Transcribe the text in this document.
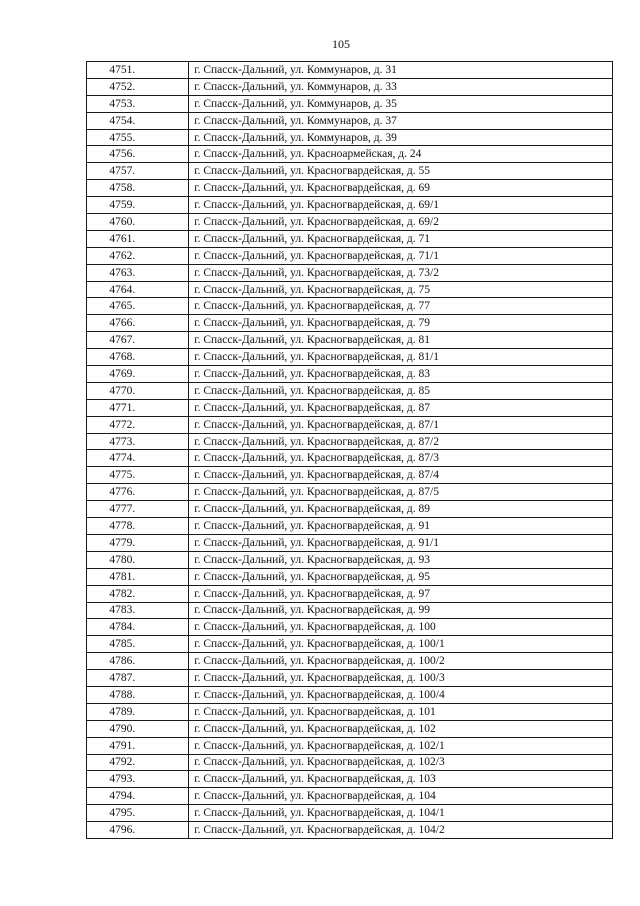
105
4751.	г. Спасск-Дальний, ул. Коммунаров, д. 31
4752.	г. Спасск-Дальний, ул. Коммунаров, д. 33
4753.	г. Спасск-Дальний, ул. Коммунаров, д. 35
4754.	г. Спасск-Дальний, ул. Коммунаров, д. 37
4755.	г. Спасск-Дальний, ул. Коммунаров, д. 39
4756.	г. Спасск-Дальний, ул. Красноармейская, д. 24
4757.	г. Спасск-Дальний, ул. Красногвардейская, д. 55
4758.	г. Спасск-Дальний, ул. Красногвардейская, д. 69
4759.	г. Спасск-Дальний, ул. Красногвардейская, д. 69/1
4760.	г. Спасск-Дальний, ул. Красногвардейская, д. 69/2
4761.	г. Спасск-Дальний, ул. Красногвардейская, д. 71
4762.	г. Спасск-Дальний, ул. Красногвардейская, д. 71/1
4763.	г. Спасск-Дальний, ул. Красногвардейская, д. 73/2
4764.	г. Спасск-Дальний, ул. Красногвардейская, д. 75
4765.	г. Спасск-Дальний, ул. Красногвардейская, д. 77
4766.	г. Спасск-Дальний, ул. Красногвардейская, д. 79
4767.	г. Спасск-Дальний, ул. Красногвардейская, д. 81
4768.	г. Спасск-Дальний, ул. Красногвардейская, д. 81/1
4769.	г. Спасск-Дальний, ул. Красногвардейская, д. 83
4770.	г. Спасск-Дальний, ул. Красногвардейская, д. 85
4771.	г. Спасск-Дальний, ул. Красногвардейская, д. 87
4772.	г. Спасск-Дальний, ул. Красногвардейская, д. 87/1
4773.	г. Спасск-Дальний, ул. Красногвардейская, д. 87/2
4774.	г. Спасск-Дальний, ул. Красногвардейская, д. 87/3
4775.	г. Спасск-Дальний, ул. Красногвардейская, д. 87/4
4776.	г. Спасск-Дальний, ул. Красногвардейская, д. 87/5
4777.	г. Спасск-Дальний, ул. Красногвардейская, д. 89
4778.	г. Спасск-Дальний, ул. Красногвардейская, д. 91
4779.	г. Спасск-Дальний, ул. Красногвардейская, д. 91/1
4780.	г. Спасск-Дальний, ул. Красногвардейская, д. 93
4781.	г. Спасск-Дальний, ул. Красногвардейская, д. 95
4782.	г. Спасск-Дальний, ул. Красногвардейская, д. 97
4783.	г. Спасск-Дальний, ул. Красногвардейская, д. 99
4784.	г. Спасск-Дальний, ул. Красногвардейская, д. 100
4785.	г. Спасск-Дальний, ул. Красногвардейская, д. 100/1
4786.	г. Спасск-Дальний, ул. Красногвардейская, д. 100/2
4787.	г. Спасск-Дальний, ул. Красногвардейская, д. 100/3
4788.	г. Спасск-Дальний, ул. Красногвардейская, д. 100/4
4789.	г. Спасск-Дальний, ул. Красногвардейская, д. 101
4790.	г. Спасск-Дальний, ул. Красногвардейская, д. 102
4791.	г. Спасск-Дальний, ул. Красногвардейская, д. 102/1
4792.	г. Спасск-Дальний, ул. Красногвардейская, д. 102/3
4793.	г. Спасск-Дальний, ул. Красногвардейская, д. 103
4794.	г. Спасск-Дальний, ул. Красногвардейская, д. 104
4795.	г. Спасск-Дальний, ул. Красногвардейская, д. 104/1
4796.	г. Спасск-Дальний, ул. Красногвардейская, д. 104/2
